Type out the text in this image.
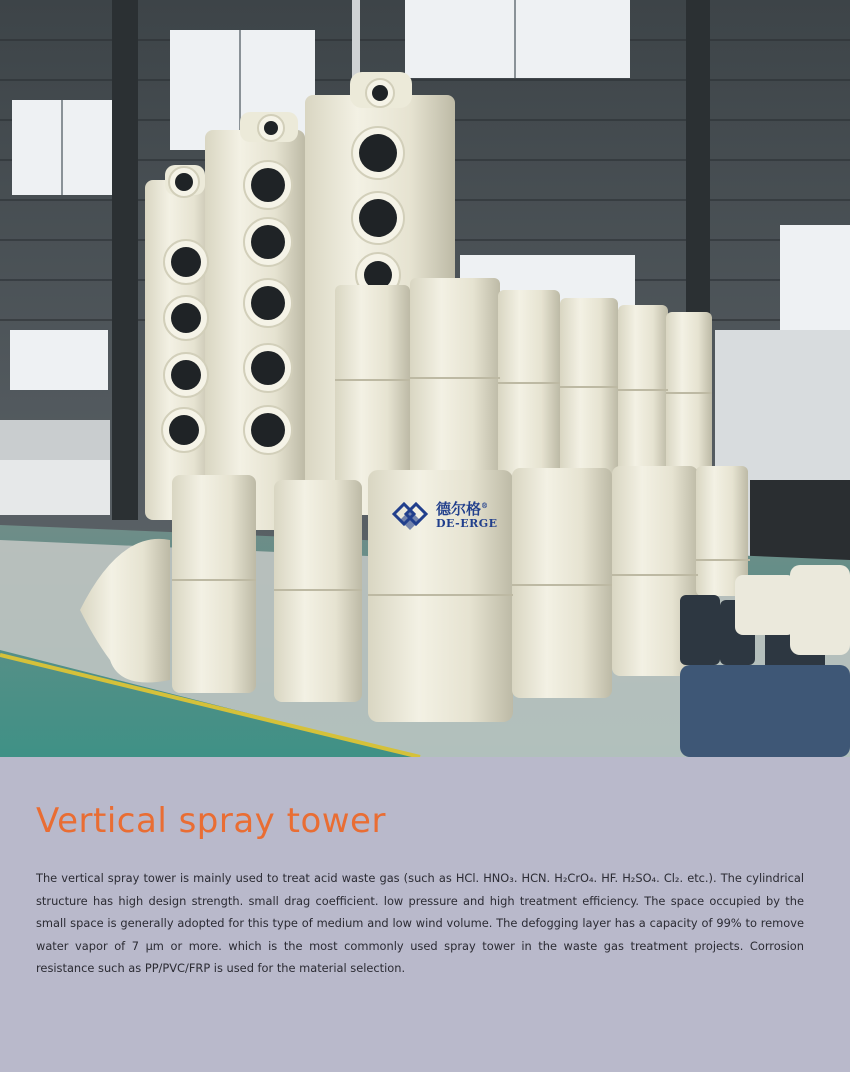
德尔格®
DE-ERGE
Vertical spray tower

The vertical spray tower is mainly used to treat acid waste gas (such as HCl. HNO₃. HCN. H₂CrO₄. HF. H₂SO₄. Cl₂. etc.). The cylindrical structure has high design strength. small drag coefficient. low pressure and high treatment efficiency. The space occupied by the small space is generally adopted for this type of medium and low wind volume. The defogging layer has a capacity of 99% to remove water vapor of 7 μm or more. which is the most commonly used spray tower in the waste gas treatment projects. Corrosion resistance such as PP/PVC/FRP is used for the material selection.
